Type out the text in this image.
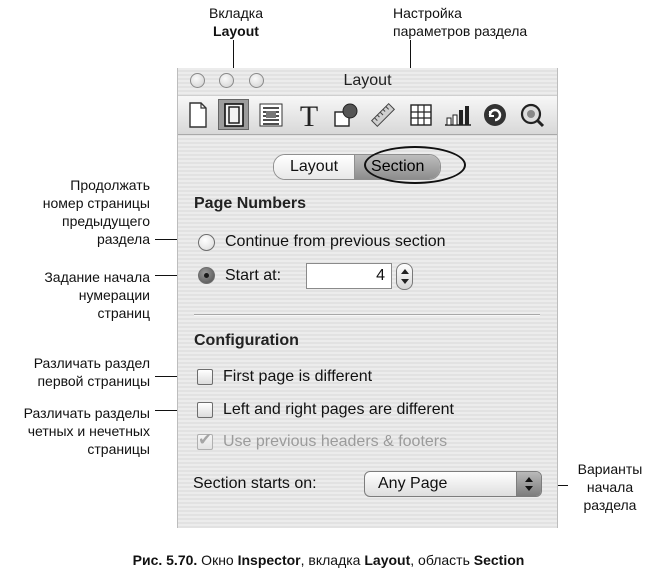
Вкладка
Layout
Настройка
параметров раздела
Продолжать
номер страницы
предыдущего
раздела
Задание начала
нумерации
страниц
Различать раздел
первой страницы
Различать разделы
четных и нечетных
страницы
Варианты
начала
раздела
Layout
T
Layout	Section
Page Numbers
Continue from previous section
Start at:
4
Configuration
First page is different
Left and right pages are different
✔ Use previous headers & footers
Section starts on:	Any Page
Рис. 5.70. Окно Inspector, вкладка Layout, область Section
